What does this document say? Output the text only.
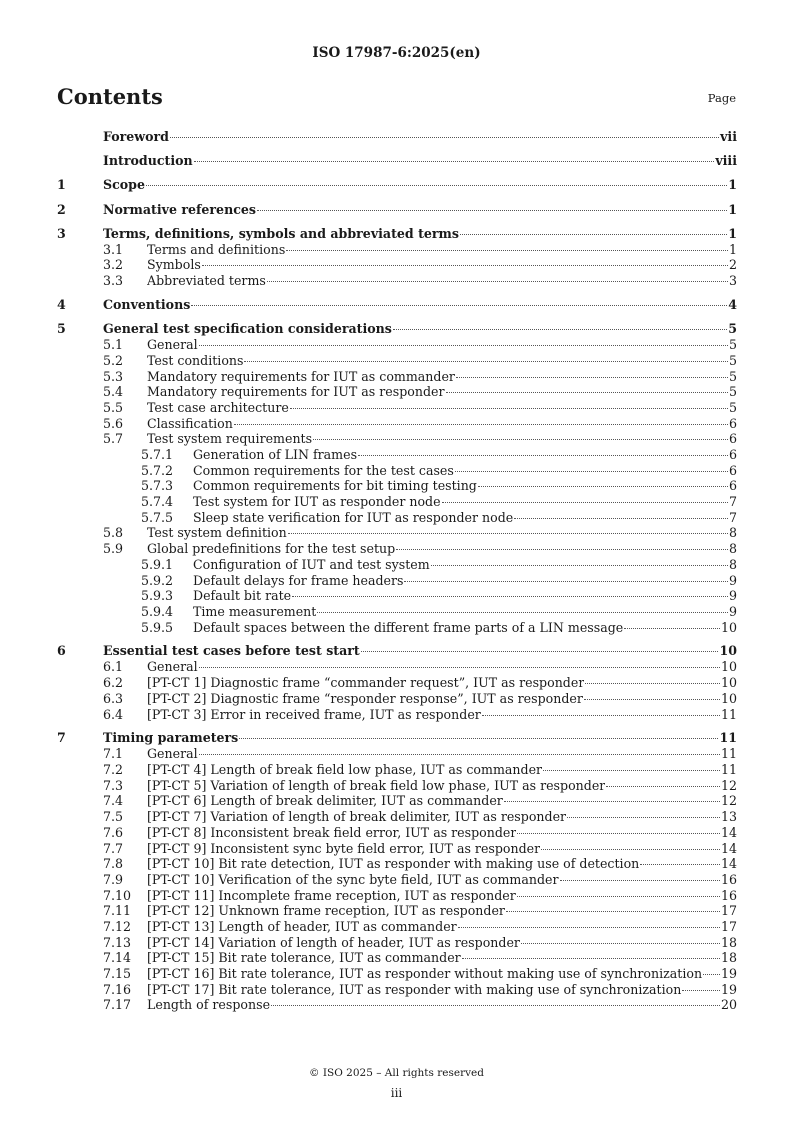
ISO 17987-6:2025(en)
Contents	Page
Foreword	vii
Introduction	viii
1	Scope	1
2	Normative references	1
3	Terms, definitions, symbols and abbreviated terms	1
3.1	Terms and definitions	1
3.2	Symbols	2
3.3	Abbreviated terms	3
4	Conventions	4
5	General test specification considerations	5
5.1	General	5
5.2	Test conditions	5
5.3	Mandatory requirements for IUT as commander	5
5.4	Mandatory requirements for IUT as responder	5
5.5	Test case architecture	5
5.6	Classification	6
5.7	Test system requirements	6
5.7.1	Generation of LIN frames	6
5.7.2	Common requirements for the test cases	6
5.7.3	Common requirements for bit timing testing	6
5.7.4	Test system for IUT as responder node	7
5.7.5	Sleep state verification for IUT as responder node	7
5.8	Test system definition	8
5.9	Global predefinitions for the test setup	8
5.9.1	Configuration of IUT and test system	8
5.9.2	Default delays for frame headers	9
5.9.3	Default bit rate	9
5.9.4	Time measurement	9
5.9.5	Default spaces between the different frame parts of a LIN message	10
6	Essential test cases before test start	10
6.1	General	10
6.2	[PT-CT 1] Diagnostic frame “commander request”, IUT as responder	10
6.3	[PT-CT 2] Diagnostic frame “responder response”, IUT as responder	10
6.4	[PT-CT 3] Error in received frame, IUT as responder	11
7	Timing parameters	11
7.1	General	11
7.2	[PT-CT 4] Length of break field low phase, IUT as commander	11
7.3	[PT-CT 5] Variation of length of break field low phase, IUT as responder	12
7.4	[PT-CT 6] Length of break delimiter, IUT as commander	12
7.5	[PT-CT 7] Variation of length of break delimiter, IUT as responder	13
7.6	[PT-CT 8] Inconsistent break field error, IUT as responder	14
7.7	[PT-CT 9] Inconsistent sync byte field error, IUT as responder	14
7.8	[PT-CT 10] Bit rate detection, IUT as responder with making use of detection	14
7.9	[PT-CT 10] Verification of the sync byte field, IUT as commander	16
7.10	[PT-CT 11] Incomplete frame reception, IUT as responder	16
7.11	[PT-CT 12] Unknown frame reception, IUT as responder	17
7.12	[PT-CT 13] Length of header, IUT as commander	17
7.13	[PT-CT 14] Variation of length of header, IUT as responder	18
7.14	[PT-CT 15] Bit rate tolerance, IUT as commander	18
7.15	[PT-CT 16] Bit rate tolerance, IUT as responder without making use of synchronization 19
7.16	[PT-CT 17] Bit rate tolerance, IUT as responder with making use of synchronization	19
7.17	Length of response	20
© ISO 2025 – All rights reserved
iii
